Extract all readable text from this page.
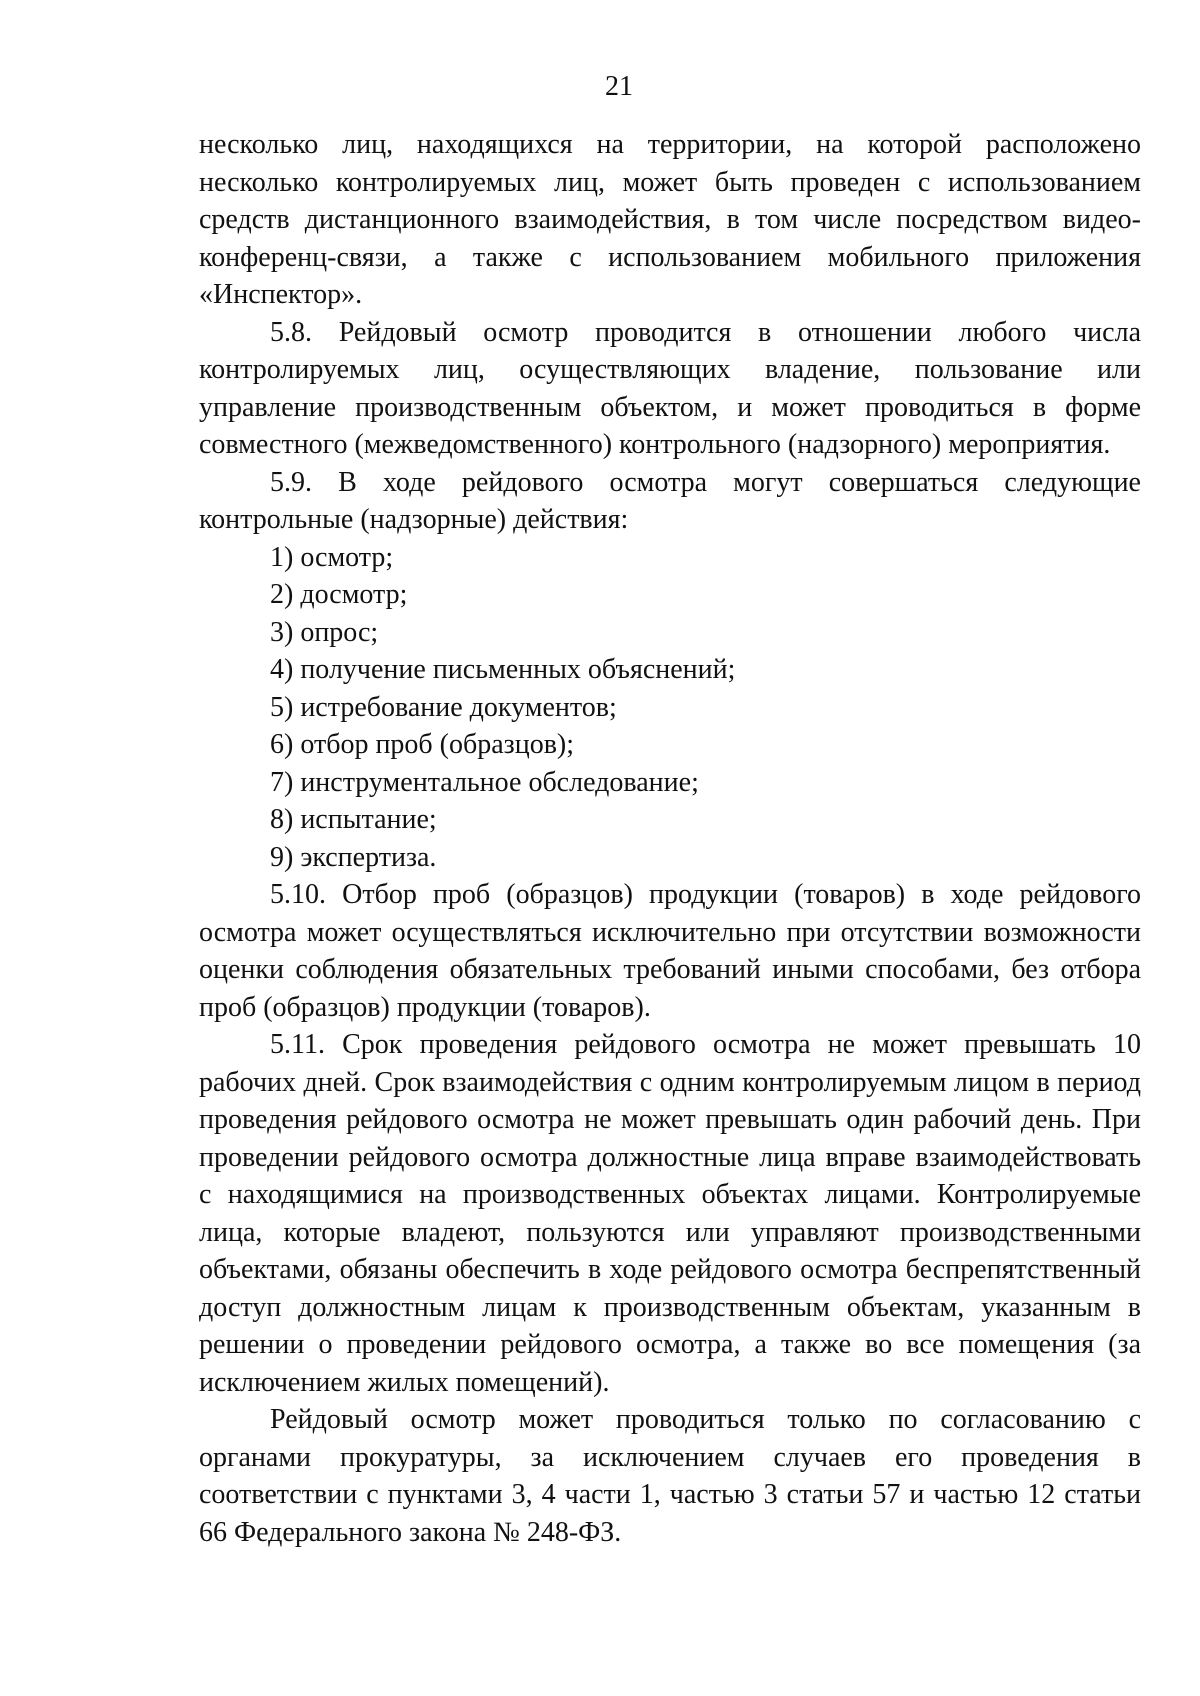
21

несколько лиц, находящихся на территории, на которой расположено несколько контролируемых лиц, может быть проведен с использованием средств дистанционного взаимодействия, в том числе посредством видео-конференц-связи, а также с использованием мобильного приложения «Инспектор».

5.8. Рейдовый осмотр проводится в отношении любого числа контролируемых лиц, осуществляющих владение, пользование или управление производственным объектом, и может проводиться в форме совместного (межведомственного) контрольного (надзорного) мероприятия.

5.9. В ходе рейдового осмотра могут совершаться следующие контрольные (надзорные) действия:

1) осмотр;

2) досмотр;

3) опрос;

4) получение письменных объяснений;

5) истребование документов;

6) отбор проб (образцов);

7) инструментальное обследование;

8) испытание;

9) экспертиза.

5.10. Отбор проб (образцов) продукции (товаров) в ходе рейдового осмотра может осуществляться исключительно при отсутствии возможности оценки соблюдения обязательных требований иными способами, без отбора проб (образцов) продукции (товаров).

5.11. Срок проведения рейдового осмотра не может превышать 10 рабочих дней. Срок взаимодействия с одним контролируемым лицом в период проведения рейдового осмотра не может превышать один рабочий день. При проведении рейдового осмотра должностные лица вправе взаимодействовать с находящимися на производственных объектах лицами. Контролируемые лица, которые владеют, пользуются или управляют производственными объектами, обязаны обеспечить в ходе рейдового осмотра беспрепятственный доступ должностным лицам к производственным объектам, указанным в решении о проведении рейдового осмотра, а также во все помещения (за исключением жилых помещений).

Рейдовый осмотр может проводиться только по согласованию с органами прокуратуры, за исключением случаев его проведения в соответствии с пунктами 3, 4 части 1, частью 3 статьи 57 и частью 12 статьи 66 Федерального закона № 248-ФЗ.
